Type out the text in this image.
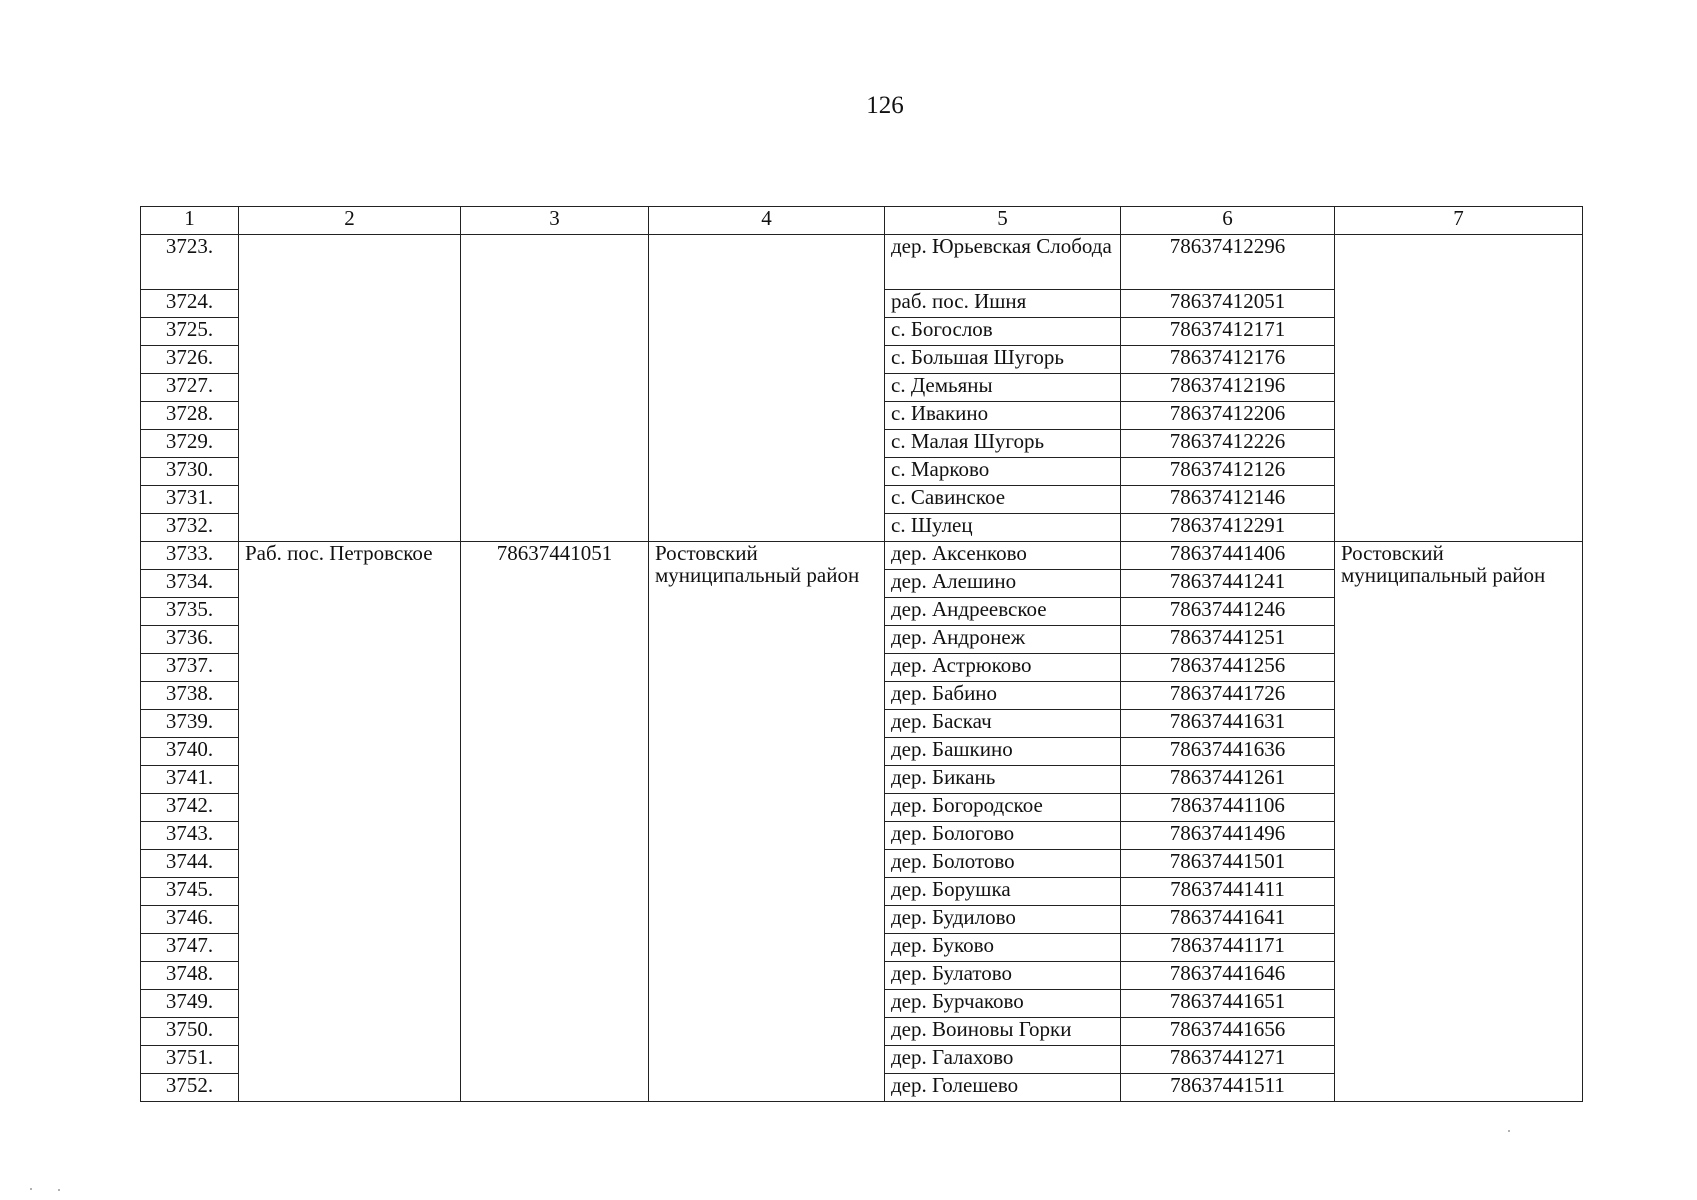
126
1	2	3	4	5	6	7
3723.				дер. Юрьевская Слобода	78637412296	
3724.				раб. пос. Ишня	78637412051	
3725.				с. Богослов	78637412171	
3726.				с. Большая Шугорь	78637412176	
3727.				с. Демьяны	78637412196	
3728.				с. Ивакино	78637412206	
3729.				с. Малая Шугорь	78637412226	
3730.				с. Марково	78637412126	
3731.				с. Савинское	78637412146	
3732.				с. Шулец	78637412291	
3733.	Раб. пос. Петровское	78637441051	Ростовский муниципальный район	дер. Аксенково	78637441406	Ростовский муниципальный район
3734.				дер. Алешино	78637441241	
3735.				дер. Андреевское	78637441246	
3736.				дер. Андронеж	78637441251	
3737.				дер. Астрюково	78637441256	
3738.				дер. Бабино	78637441726	
3739.				дер. Баскач	78637441631	
3740.				дер. Башкино	78637441636	
3741.				дер. Бикань	78637441261	
3742.				дер. Богородское	78637441106	
3743.				дер. Бологово	78637441496	
3744.				дер. Болотово	78637441501	
3745.				дер. Борушка	78637441411	
3746.				дер. Будилово	78637441641	
3747.				дер. Буково	78637441171	
3748.				дер. Булатово	78637441646	
3749.				дер. Бурчаково	78637441651	
3750.				дер. Воиновы Горки	78637441656	
3751.				дер. Галахово	78637441271	
3752.				дер. Голешево	78637441511	
